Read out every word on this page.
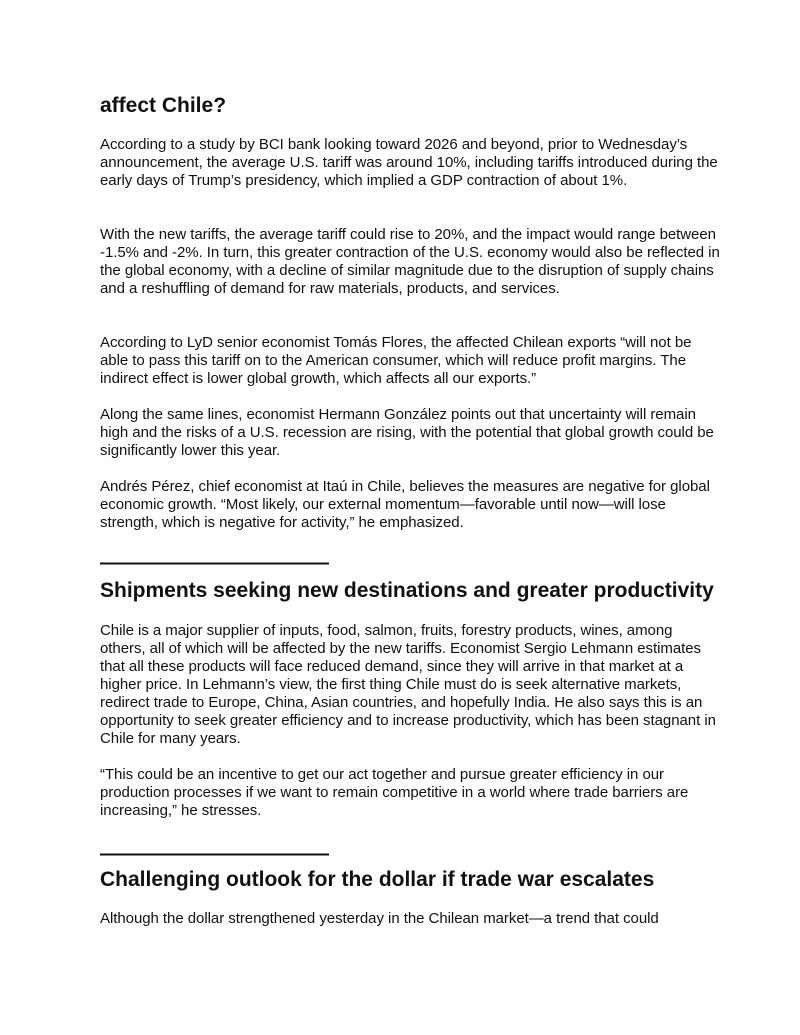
affect Chile?

According to a study by BCI bank looking toward 2026 and beyond, prior to Wednesday’s announcement, the average U.S. tariff was around 10%, including tariffs introduced during the early days of Trump’s presidency, which implied a GDP contraction of about 1%.

With the new tariffs, the average tariff could rise to 20%, and the impact would range between -1.5% and -2%. In turn, this greater contraction of the U.S. economy would also be reflected in the global economy, with a decline of similar magnitude due to the disruption of supply chains and a reshuffling of demand for raw materials, products, and services.

According to LyD senior economist Tomás Flores, the affected Chilean exports “will not be able to pass this tariff on to the American consumer, which will reduce profit margins. The indirect effect is lower global growth, which affects all our exports.”

Along the same lines, economist Hermann González points out that uncertainty will remain high and the risks of a U.S. recession are rising, with the potential that global growth could be significantly lower this year.

Andrés Pérez, chief economist at Itaú in Chile, believes the measures are negative for global economic growth. “Most likely, our external momentum—favorable until now—will lose strength, which is negative for activity,” he emphasized.

————————————
Shipments seeking new destinations and greater productivity

Chile is a major supplier of inputs, food, salmon, fruits, forestry products, wines, among others, all of which will be affected by the new tariffs. Economist Sergio Lehmann estimates that all these products will face reduced demand, since they will arrive in that market at a higher price. In Lehmann’s view, the first thing Chile must do is seek alternative markets, redirect trade to Europe, China, Asian countries, and hopefully India. He also says this is an opportunity to seek greater efficiency and to increase productivity, which has been stagnant in Chile for many years.

“This could be an incentive to get our act together and pursue greater efficiency in our production processes if we want to remain competitive in a world where trade barriers are increasing,” he stresses.

————————————
Challenging outlook for the dollar if trade war escalates

Although the dollar strengthened yesterday in the Chilean market—a trend that could
